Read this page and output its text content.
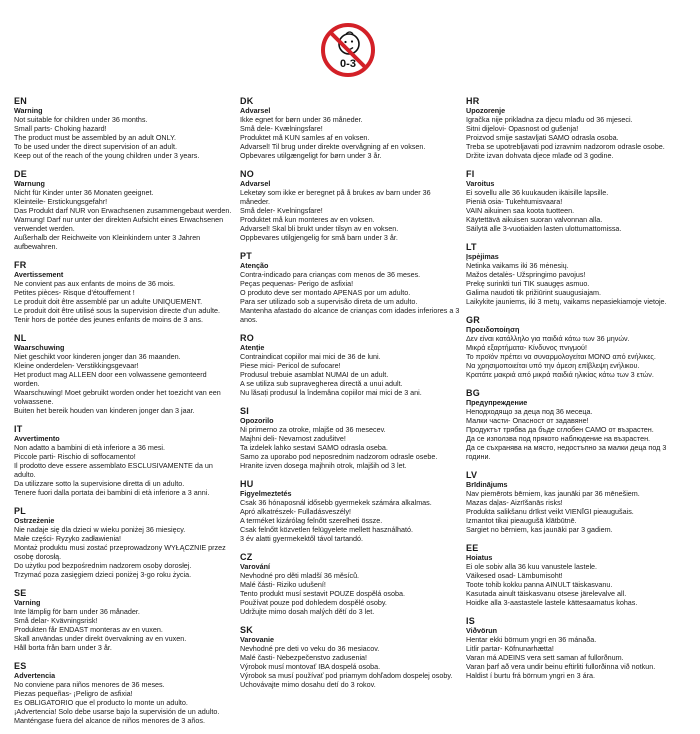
0-3
EN
Warning
Not suitable for children under 36 months.
Small parts- Choking hazard!
The product must be assembled by an adult ONLY.
To be used under the direct supervision of an adult.
Keep out of the reach of the young children under 3 years.
DE
Warnung
Nicht für Kinder unter 36 Monaten geeignet.
Kleinteile- Erstickungsgefahr!
Das Produkt darf NUR von Erwachsenen zusammengebaut werden.
Warnung! Darf nur unter der direkten Aufsicht eines Erwachsenen verwendet werden.
Außerhalb der Reichweite von Kleinkindern unter 3 Jahren aufbewahren.
FR
Avertissement
Ne convient pas aux enfants de moins de 36 mois.
Petites pièces- Risque d'étouffement !
Le produit doit être assemblé par un adulte UNIQUEMENT.
Le produit doit être utilisé sous la supervision directe d'un adulte.
Tenir hors de portée des jeunes enfants de moins de 3 ans.
NL
Waarschuwing
Niet geschikt voor kinderen jonger dan 36 maanden.
Kleine onderdelen- Verstikkingsgevaar!
Het product mag ALLEEN door een volwassene gemonteerd worden.
Waarschuwing! Moet gebruikt worden onder het toezicht van een volwassene.
Buiten het bereik houden van kinderen jonger dan 3 jaar.
IT
Avvertimento
Non adatto a bambini di età inferiore a 36 mesi.
Piccole parti- Rischio di soffocamento!
Il prodotto deve essere assemblato ESCLUSIVAMENTE da un adulto.
Da utilizzare sotto la supervisione diretta di un adulto.
Tenere fuori dalla portata dei bambini di età inferiore a 3 anni.
PL
Ostrzeżenie
Nie nadaje się dla dzieci w wieku poniżej 36 miesięcy.
Małe części- Ryzyko zadławienia!
Montaż produktu musi zostać przeprowadzony WYŁĄCZNIE przez osobę dorosłą.
Do użytku pod bezpośrednim nadzorem osoby dorosłej.
Trzymać poza zasięgiem dzieci poniżej 3-go roku życia.
SE
Varning
Inte lämplig för barn under 36 månader.
Små delar- Kvävningsrisk!
Produkten får ENDAST monteras av en vuxen.
Skall användas under direkt övervakning av en vuxen.
Håll borta från barn under 3 år.
ES
Advertencia
No conviene para niños menores de 36 meses.
Piezas pequeñas- ¡Peligro de asfixia!
Es OBLIGATORIO que el producto lo monte un adulto.
¡Advertencia! Solo debe usarse bajo la supervisión de un adulto.
Manténgase fuera del alcance de niños menores de 3 años.
DK
Advarsel
Ikke egnet for børn under 36 måneder.
Små dele- Kvælningsfare!
Produktet må KUN samles af en voksen.
Advarsel! Til brug under direkte overvågning af en voksen.
Opbevares utilgængeligt for børn under 3 år.
NO
Advarsel
Leketøy som ikke er beregnet på å brukes av barn under 36 måneder.
Små deler- Kvelningsfare!
Produktet må kun monteres av en voksen.
Advarsel! Skal bli brukt under tilsyn av en voksen.
Oppbevares utilgjengelig for små barn under 3 år.
PT
Atenção
Contra-indicado para crianças com menos de 36 meses.
Peças pequenas- Perigo de asfixia!
O produto deve ser montado APENAS por um adulto.
Para ser utilizado sob a supervisão direta de um adulto.
Mantenha afastado do alcance de crianças com idades inferiores a 3 anos.
RO
Atenție
Contraindicat copiilor mai mici de 36 de luni.
Piese mici- Pericol de sufocare!
Produsul trebuie asamblat NUMAI de un adult.
A se utiliza sub supravegherea directă a unui adult.
Nu lăsați produsul la îndemâna copiilor mai mici de 3 ani.
SI
Opozorilo
Ni primerno za otroke, mlajše od 36 mesecev.
Majhni deli- Nevarnost zadušitve!
Ta izdelek lahko sestavi SAMO odrasla oseba.
Samo za uporabo pod neposrednim nadzorom odrasle osebe.
Hranite izven dosega majhnih otrok, mlajših od 3 let.
HU
Figyelmeztetés
Csak 36 hónaposnál idősebb gyermekek számára alkalmas.
Apró alkatrészek- Fulladásveszély!
A terméket kizárólag felnőtt szerelheti össze.
Csak felnőtt közvetlen felügyelete mellett használható.
3 év alatti gyermekektől távol tartandó.
CZ
Varování
Nevhodné pro děti mladší 36 měsíců.
Malé části- Riziko udušení!
Tento produkt musí sestavit POUZE dospělá osoba.
Používat pouze pod dohledem dospělé osoby.
Udržujte mimo dosah malých dětí do 3 let.
SK
Varovanie
Nevhodné pre deti vo veku do 36 mesiacov.
Malé časti- Nebezpečenstvo zadusenia!
Výrobok musí montovať IBA dospelá osoba.
Výrobok sa musí používať pod priamym dohľadom dospelej osoby.
Uchovávajte mimo dosahu detí do 3 rokov.
HR
Upozorenje
Igračka nije prikladna za djecu mlađu od 36 mjeseci.
Sitni dijelovi- Opasnost od gušenja!
Proizvod smije sastavljati SAMO odrasla osoba.
Treba se upotrebljavati pod izravnim nadzorom odrasle osobe.
Držite izvan dohvata djece mlađe od 3 godine.
FI
Varoitus
Ei sovellu alle 36 kuukauden ikäisille lapsille.
Pieniä osia- Tukehtumisvaara!
VAIN aikuinen saa koota tuotteen.
Käytettävä aikuisen suoran valvonnan alla.
Säilytä alle 3-vuotiaiden lasten ulottumattomissa.
LT
Įspėjimas
Netinka vaikams iki 36 mėnesių.
Mažos detalės- Užspringimo pavojus!
Prekę surinkti turi TIK suaugęs asmuo.
Galima naudoti tik prižiūrint suaugusiajam.
Laikykite jauniems, iki 3 metų, vaikams nepasiekiamoje vietoje.
GR
Προειδοποίηση
Δεν είναι κατάλληλο για παιδιά κάτω των 36 μηνών.
Μικρά εξαρτήματα- Κίνδυνος πνιγμού!
Το προϊόν πρέπει να συναρμολογείται ΜΟΝΟ από ενήλικες.
Να χρησιμοποιείται υπό την άμεση επίβλεψη ενήλικου.
Κρατάτε μακριά από μικρά παιδιά ηλικίας κάτω των 3 ετών.
BG
Предупреждение
Неподходящо за деца под 36 месеца.
Малки части- Опасност от задавяне!
Продуктът трябва да бъде сглобен САМО от възрастен.
Да се използва под прякото наблюдение на възрастен.
Да се съхранява на място, недостъпно за малки деца под 3 години.
LV
Brīdinājums
Nav piemērots bērniem, kas jaunāki par 36 mēnešiem.
Mazas daļas- Aizrīšanās risks!
Produkta salikšanu drīkst veikt VIENĪGI pieaugušais.
Izmantot tikai pieaugušā klātbūtnē.
Sargiet no bērniem, kas jaunāki par 3 gadiem.
EE
Hoiatus
Ei ole sobiv alla 36 kuu vanustele lastele.
Väikesed osad- Lämbumisoht!
Toote tohib kokku panna AINULT täiskasvanu.
Kasutada ainult täiskasvanu otsese järelevalve all.
Hoidke alla 3-aastastele lastele kättesaamatus kohas.
IS
Viðvörun
Hentar ekki börnum yngri en 36 mánaða.
Litlir partar- Köfnunarhætta!
Varan má ADEINS vera sett saman af fullorðnum.
Varan þarf að vera undir beinu eftirliti fullorðinna við notkun.
Haldist í burtu frá börnum yngri en 3 ára.
